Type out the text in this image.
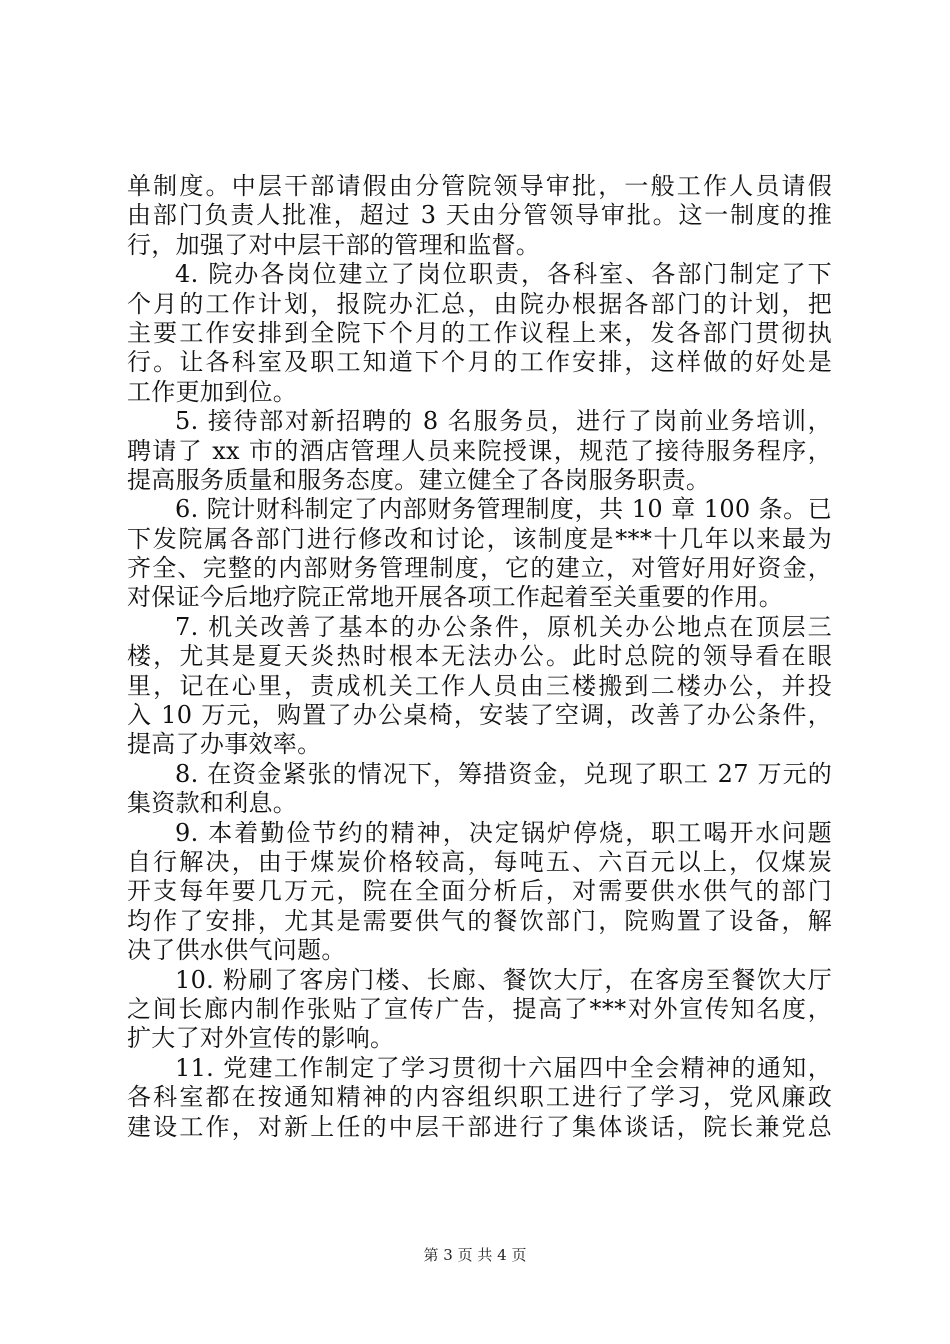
单制度。中层干部请假由分管院领导审批，一般工作人员请假
由部门负责人批准，超过 3 天由分管领导审批。这一制度的推
行，加强了对中层干部的管理和监督。
4. 院办各岗位建立了岗位职责，各科室、各部门制定了下
个月的工作计划，报院办汇总，由院办根据各部门的计划，把
主要工作安排到全院下个月的工作议程上来，发各部门贯彻执
行。让各科室及职工知道下个月的工作安排，这样做的好处是
工作更加到位。
5. 接待部对新招聘的 8 名服务员，进行了岗前业务培训，
聘请了 xx 市的酒店管理人员来院授课，规范了接待服务程序，
提高服务质量和服务态度。建立健全了各岗服务职责。
6. 院计财科制定了内部财务管理制度，共 10 章 100 条。已
下发院属各部门进行修改和讨论，该制度是***十几年以来最为
齐全、完整的内部财务管理制度，它的建立，对管好用好资金，
对保证今后地疗院正常地开展各项工作起着至关重要的作用。
7. 机关改善了基本的办公条件，原机关办公地点在顶层三
楼，尤其是夏天炎热时根本无法办公。此时总院的领导看在眼
里，记在心里，责成机关工作人员由三楼搬到二楼办公，并投
入 10 万元，购置了办公桌椅，安装了空调，改善了办公条件，
提高了办事效率。
8. 在资金紧张的情况下，筹措资金，兑现了职工 27 万元的
集资款和利息。
9. 本着勤俭节约的精神，决定锅炉停烧，职工喝开水问题
自行解决，由于煤炭价格较高，每吨五、六百元以上，仅煤炭
开支每年要几万元，院在全面分析后，对需要供水供气的部门
均作了安排，尤其是需要供气的餐饮部门，院购置了设备，解
决了供水供气问题。
10. 粉刷了客房门楼、长廊、餐饮大厅，在客房至餐饮大厅
之间长廊内制作张贴了宣传广告，提高了***对外宣传知名度，
扩大了对外宣传的影响。
11. 党建工作制定了学习贯彻十六届四中全会精神的通知，
各科室都在按通知精神的内容组织职工进行了学习，党风廉政
建设工作，对新上任的中层干部进行了集体谈话，院长兼党总
第 3 页 共 4 页
